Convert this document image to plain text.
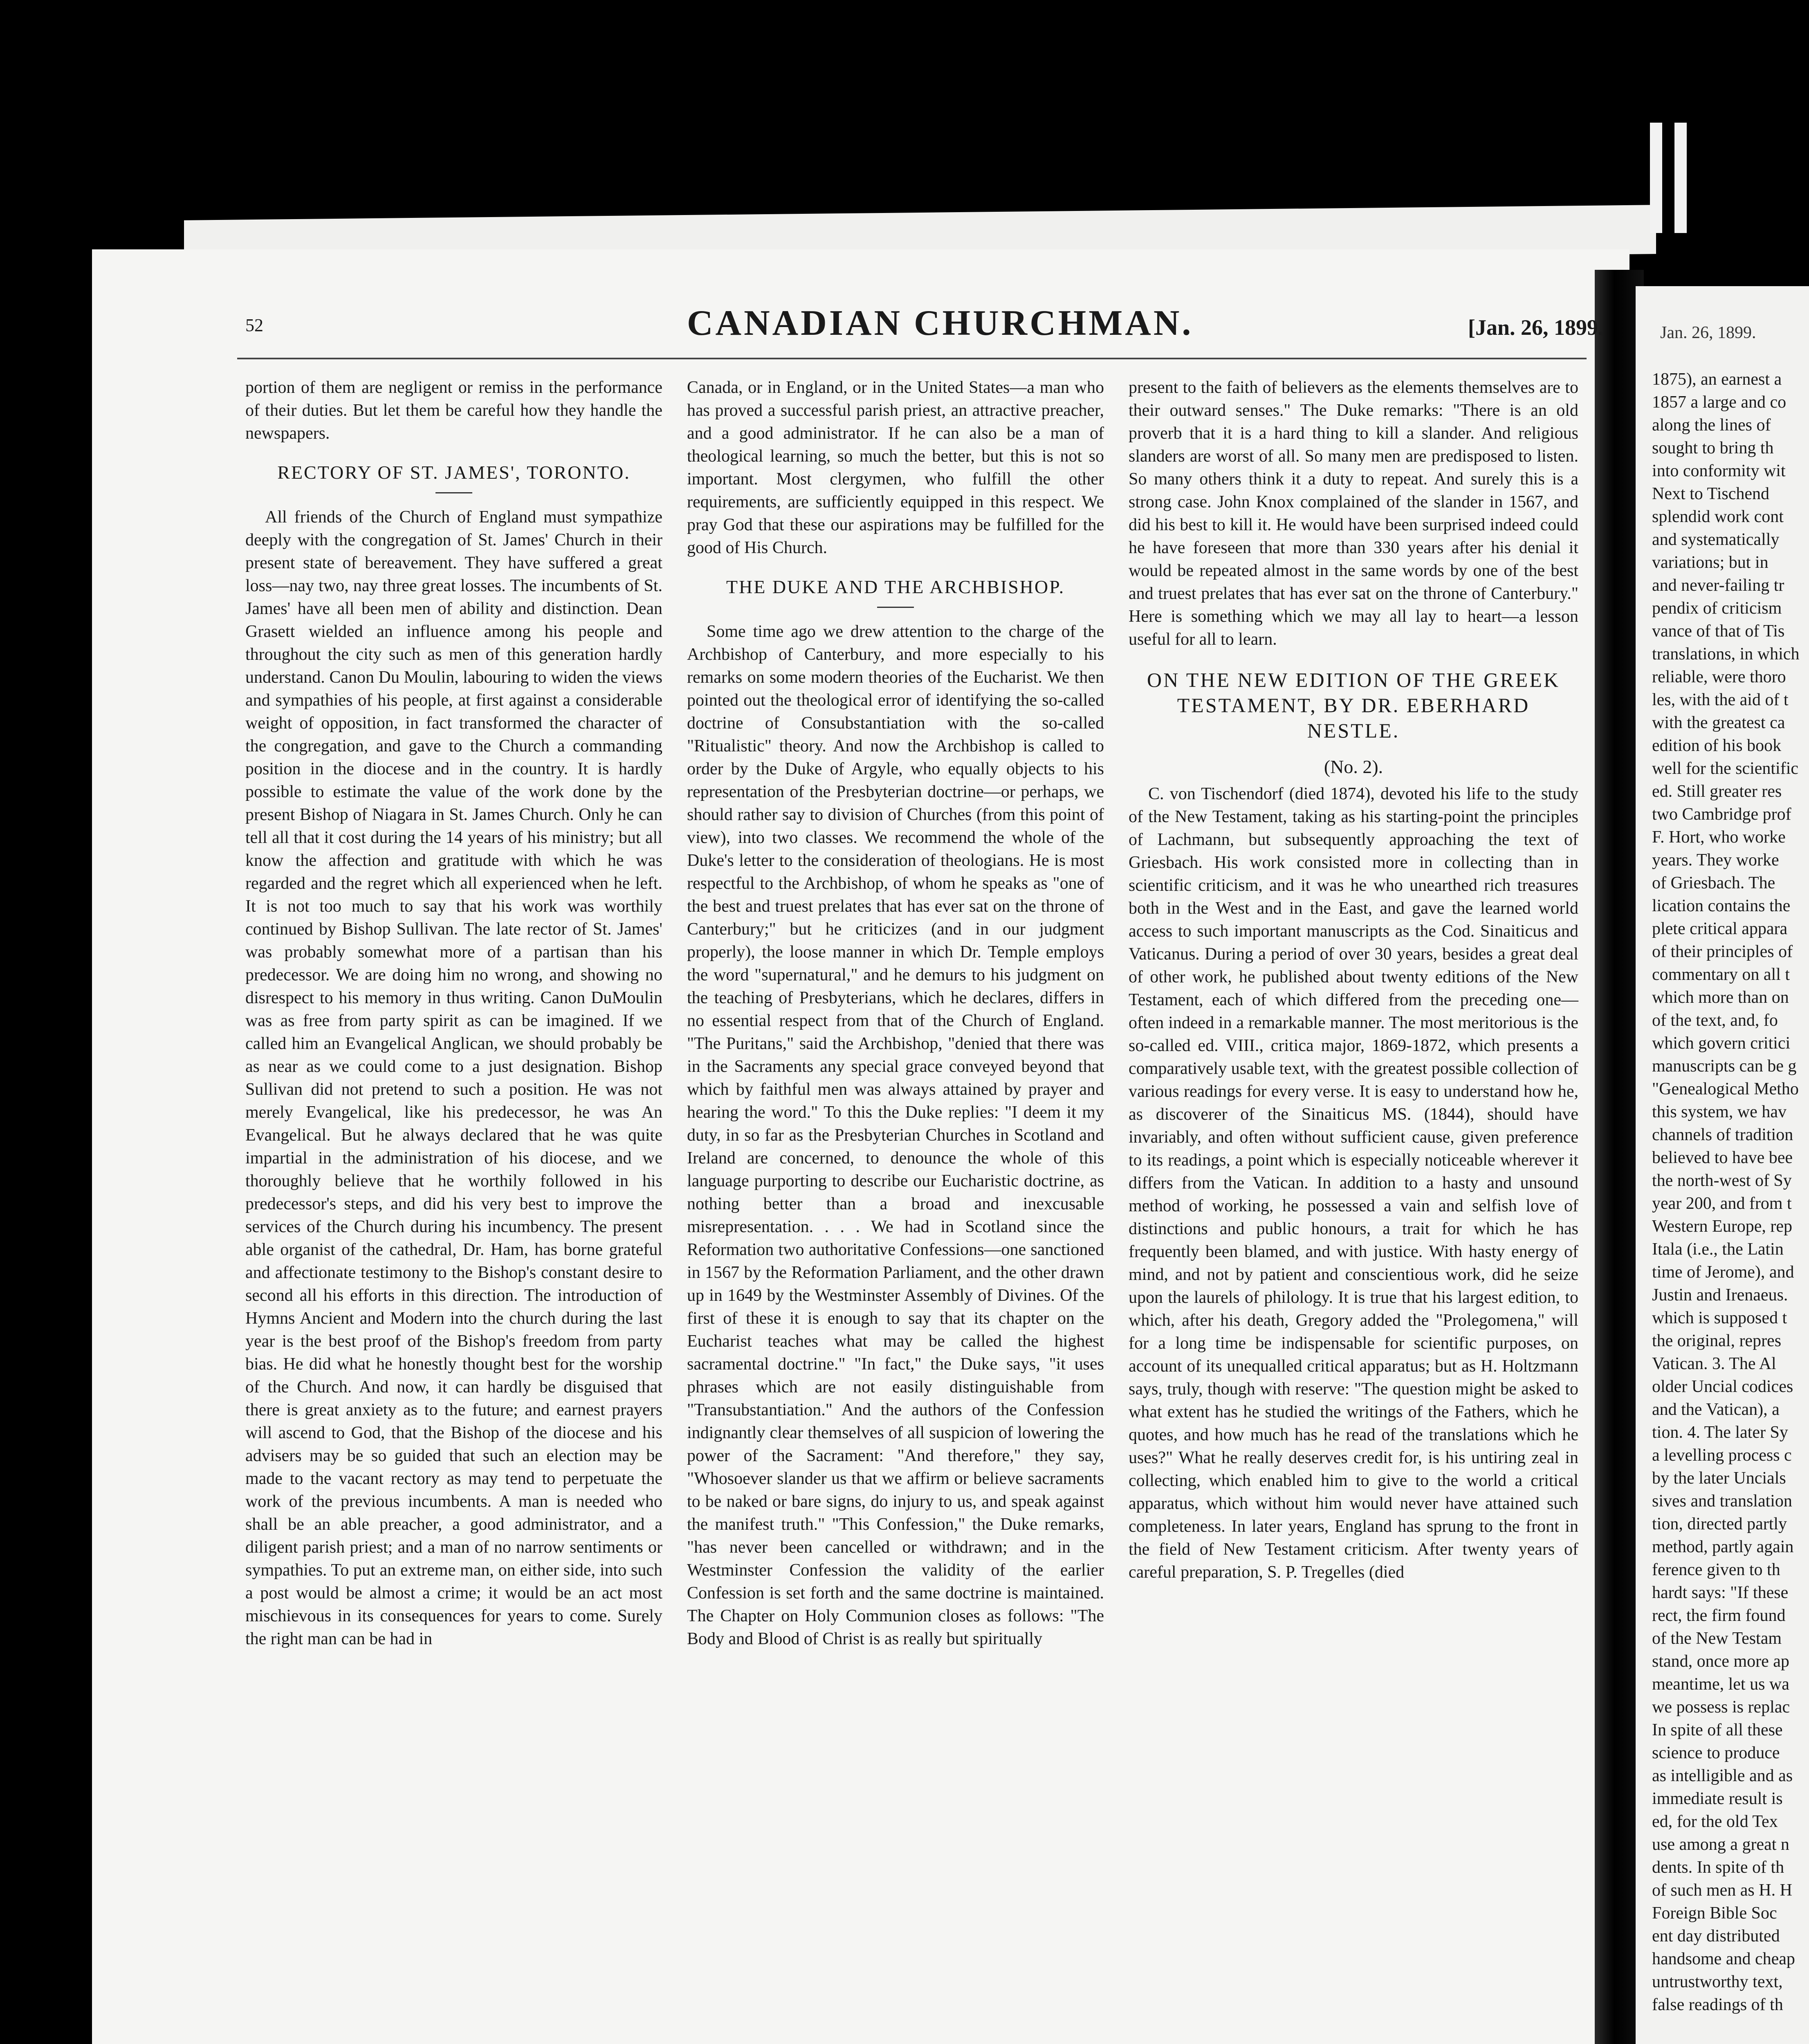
Jan. 26, 1899.
1875), an earnest a
1857 a large and co
along the lines of
sought to bring th
into conformity wit
Next to Tischend
splendid work cont
and systematically
variations; but in
and never-failing tr
pendix of criticism
vance of that of Tis
translations, in which
reliable, were thoro
les, with the aid of t
with the greatest ca
edition of his book
well for the scientific
ed. Still greater res
two Cambridge prof
F. Hort, who worke
years. They worke
of Griesbach. The
lication contains the
plete critical appara
of their principles of
commentary on all t
which more than on
of the text, and, fo
which govern critici
manuscripts can be g
"Genealogical Metho
this system, we hav
channels of tradition
believed to have bee
the north-west of Sy
year 200, and from t
Western Europe, rep
Itala (i.e., the Latin
time of Jerome), and
Justin and Irenaeus.
which is supposed t
the original, repres
Vatican. 3. The Al
older Uncial codices
and the Vatican), a
tion. 4. The later Sy
a levelling process c
by the later Uncials
sives and translation
tion, directed partly
method, partly again
ference given to th
hardt says: "If these
rect, the firm found
of the New Testam
stand, once more ap
meantime, let us wa
we possess is replac
In spite of all these
science to produce
as intelligible and as
immediate result is
ed, for the old Tex
use among a great n
dents. In spite of th
of such men as H. H
Foreign Bible Soc
ent day distributed
handsome and cheap
untrustworthy text,
false readings of th
52	CANADIAN CHURCHMAN.	[Jan. 26, 1899.

portion of them are negligent or remiss in the performance of their duties. But let them be careful how they handle the newspapers.

RECTORY OF ST. JAMES', TORONTO.

All friends of the Church of England must sympathize deeply with the congregation of St. James' Church in their present state of bereavement. They have suffered a great loss—nay two, nay three great losses. The incumbents of St. James' have all been men of ability and distinction. Dean Grasett wielded an influence among his people and throughout the city such as men of this generation hardly understand. Canon Du Moulin, labouring to widen the views and sympathies of his people, at first against a considerable weight of opposition, in fact transformed the character of the congregation, and gave to the Church a commanding position in the diocese and in the country. It is hardly possible to estimate the value of the work done by the present Bishop of Niagara in St. James Church. Only he can tell all that it cost during the 14 years of his ministry; but all know the affection and gratitude with which he was regarded and the regret which all experienced when he left. It is not too much to say that his work was worthily continued by Bishop Sullivan. The late rector of St. James' was probably somewhat more of a partisan than his predecessor. We are doing him no wrong, and showing no disrespect to his memory in thus writing. Canon DuMoulin was as free from party spirit as can be imagined. If we called him an Evangelical Anglican, we should probably be as near as we could come to a just designation. Bishop Sullivan did not pretend to such a position. He was not merely Evangelical, like his predecessor, he was An Evangelical. But he always declared that he was quite impartial in the administration of his diocese, and we thoroughly believe that he worthily followed in his predecessor's steps, and did his very best to improve the services of the Church during his incumbency. The present able organist of the cathedral, Dr. Ham, has borne grateful and affectionate testimony to the Bishop's constant desire to second all his efforts in this direction. The introduction of Hymns Ancient and Modern into the church during the last year is the best proof of the Bishop's freedom from party bias. He did what he honestly thought best for the worship of the Church. And now, it can hardly be disguised that there is great anxiety as to the future; and earnest prayers will ascend to God, that the Bishop of the diocese and his advisers may be so guided that such an election may be made to the vacant rectory as may tend to perpetuate the work of the previous incumbents. A man is needed who shall be an able preacher, a good administrator, and a diligent parish priest; and a man of no narrow sentiments or sympathies. To put an extreme man, on either side, into such a post would be almost a crime; it would be an act most mischievous in its consequences for years to come. Surely the right man can be had in

Canada, or in England, or in the United States—a man who has proved a successful parish priest, an attractive preacher, and a good administrator. If he can also be a man of theological learning, so much the better, but this is not so important. Most clergymen, who fulfill the other requirements, are sufficiently equipped in this respect. We pray God that these our aspirations may be fulfilled for the good of His Church.

THE DUKE AND THE ARCHBISHOP.

Some time ago we drew attention to the charge of the Archbishop of Canterbury, and more especially to his remarks on some modern theories of the Eucharist. We then pointed out the theological error of identifying the so-called doctrine of Consubstantiation with the so-called "Ritualistic" theory. And now the Archbishop is called to order by the Duke of Argyle, who equally objects to his representation of the Presbyterian doctrine—or perhaps, we should rather say to division of Churches (from this point of view), into two classes. We recommend the whole of the Duke's letter to the consideration of theologians. He is most respectful to the Archbishop, of whom he speaks as "one of the best and truest prelates that has ever sat on the throne of Canterbury;" but he criticizes (and in our judgment properly), the loose manner in which Dr. Temple employs the word "supernatural," and he demurs to his judgment on the teaching of Presbyterians, which he declares, differs in no essential respect from that of the Church of England. "The Puritans," said the Archbishop, "denied that there was in the Sacraments any special grace conveyed beyond that which by faithful men was always attained by prayer and hearing the word." To this the Duke replies: "I deem it my duty, in so far as the Presbyterian Churches in Scotland and Ireland are concerned, to denounce the whole of this language purporting to describe our Eucharistic doctrine, as nothing better than a broad and inexcusable misrepresentation. . . . We had in Scotland since the Reformation two authoritative Confessions—one sanctioned in 1567 by the Reformation Parliament, and the other drawn up in 1649 by the Westminster Assembly of Divines. Of the first of these it is enough to say that its chapter on the Eucharist teaches what may be called the highest sacramental doctrine." "In fact," the Duke says, "it uses phrases which are not easily distinguishable from "Transubstantiation." And the authors of the Confession indignantly clear themselves of all suspicion of lowering the power of the Sacrament: "And therefore," they say, "Whosoever slander us that we affirm or believe sacraments to be naked or bare signs, do injury to us, and speak against the manifest truth." "This Confession," the Duke remarks, "has never been cancelled or withdrawn; and in the Westminster Confession the validity of the earlier Confession is set forth and the same doctrine is maintained. The Chapter on Holy Communion closes as follows: "The Body and Blood of Christ is as really but spiritually

present to the faith of believers as the elements themselves are to their outward senses." The Duke remarks: "There is an old proverb that it is a hard thing to kill a slander. And religious slanders are worst of all. So many men are predisposed to listen. So many others think it a duty to repeat. And surely this is a strong case. John Knox complained of the slander in 1567, and did his best to kill it. He would have been surprised indeed could he have foreseen that more than 330 years after his denial it would be repeated almost in the same words by one of the best and truest prelates that has ever sat on the throne of Canterbury." Here is something which we may all lay to heart—a lesson useful for all to learn.

ON THE NEW EDITION OF THE GREEK TESTAMENT, BY DR. EBERHARD NESTLE.
(No. 2).

C. von Tischendorf (died 1874), devoted his life to the study of the New Testament, taking as his starting-point the principles of Lachmann, but subsequently approaching the text of Griesbach. His work consisted more in collecting than in scientific criticism, and it was he who unearthed rich treasures both in the West and in the East, and gave the learned world access to such important manuscripts as the Cod. Sinaiticus and Vaticanus. During a period of over 30 years, besides a great deal of other work, he published about twenty editions of the New Testament, each of which differed from the preceding one—often indeed in a remarkable manner. The most meritorious is the so-called ed. VIII., critica major, 1869-1872, which presents a comparatively usable text, with the greatest possible collection of various readings for every verse. It is easy to understand how he, as discoverer of the Sinaiticus MS. (1844), should have invariably, and often without sufficient cause, given preference to its readings, a point which is especially noticeable wherever it differs from the Vatican. In addition to a hasty and unsound method of working, he possessed a vain and selfish love of distinctions and public honours, a trait for which he has frequently been blamed, and with justice. With hasty energy of mind, and not by patient and conscientious work, did he seize upon the laurels of philology. It is true that his largest edition, to which, after his death, Gregory added the "Prolegomena," will for a long time be indispensable for scientific purposes, on account of its unequalled critical apparatus; but as H. Holtzmann says, truly, though with reserve: "The question might be asked to what extent has he studied the writings of the Fathers, which he quotes, and how much has he read of the translations which he uses?" What he really deserves credit for, is his untiring zeal in collecting, which enabled him to give to the world a critical apparatus, which without him would never have attained such completeness. In later years, England has sprung to the front in the field of New Testament criticism. After twenty years of careful preparation, S. P. Tregelles (died
